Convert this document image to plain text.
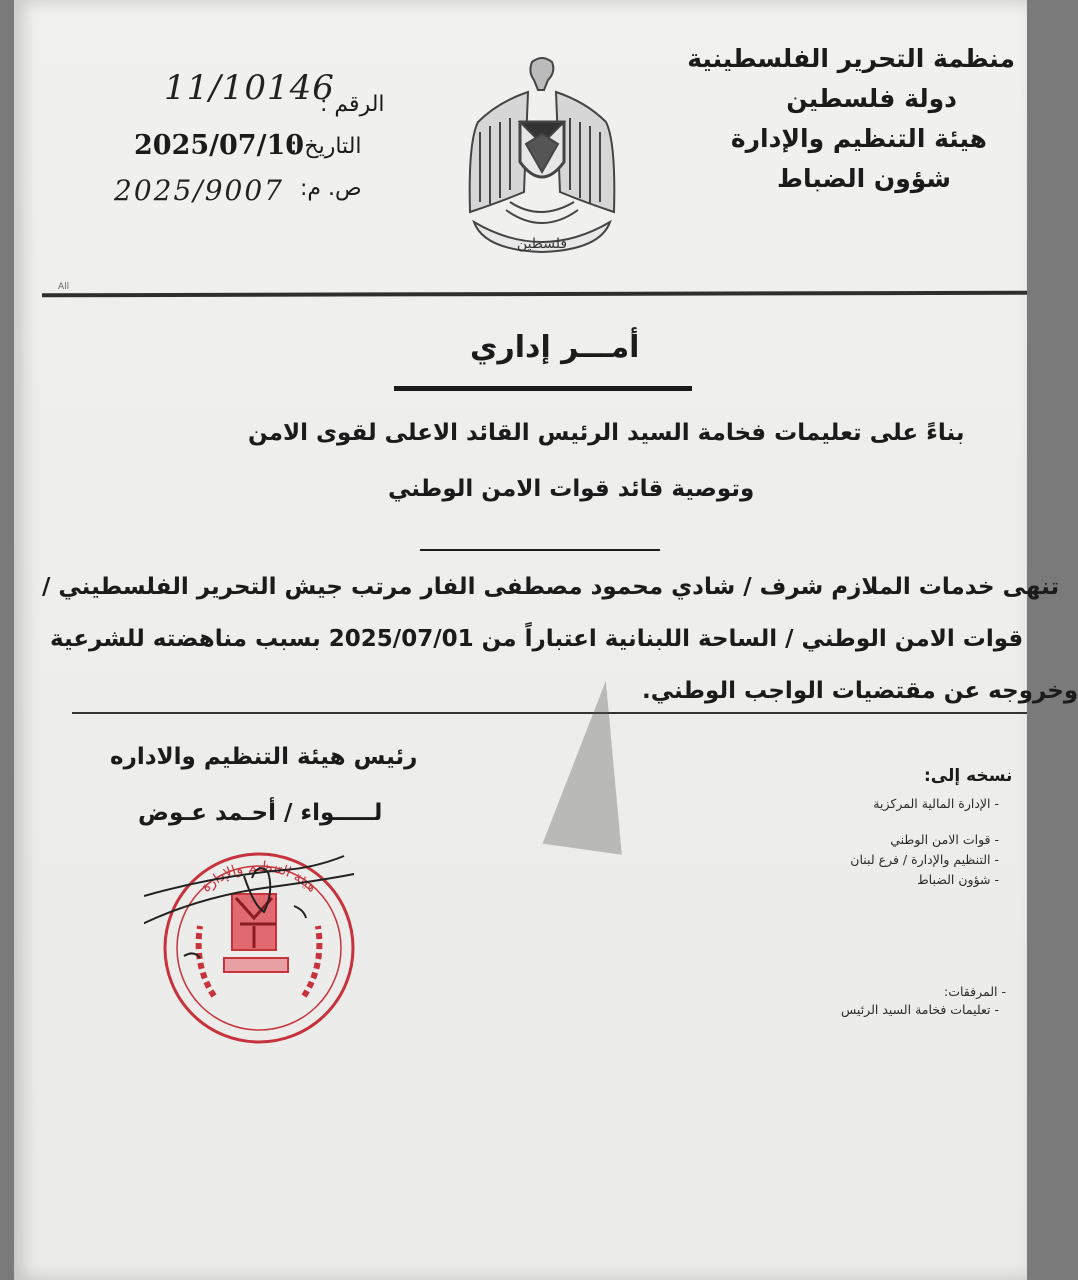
منظمة التحرير الفلسطينية
دولة فلسطين
هيئة التنظيم والإدارة
شؤون الضباط
فلسطين
الرقم :
11/10146
التاريخ :
2025/07/10
ص. م:
2025/9007
All
أمـــر إداري
بناءً على تعليمات فخامة السيد الرئيس القائد الاعلى لقوى الامن
وتوصية قائد قوات الامن الوطني
تنهى خدمات الملازم شرف / شادي محمود مصطفى الفار مرتب جيش التحرير الفلسطيني /
قوات الامن الوطني / الساحة اللبنانية اعتباراً من 2025/07/01 بسبب مناهضته للشرعية
وخروجه عن مقتضيات الواجب الوطني.
رئيس هيئة التنظيم والاداره
لـــــواء / أحـمد عـوض
هيئة التنظيم والإدارة
نسخه إلى:
- الإدارة المالية المركزية
- قوات الامن الوطني
- التنظيم والإدارة / فرع لبنان
- شؤون الضباط
- المرفقات:
- تعليمات فخامة السيد الرئيس
